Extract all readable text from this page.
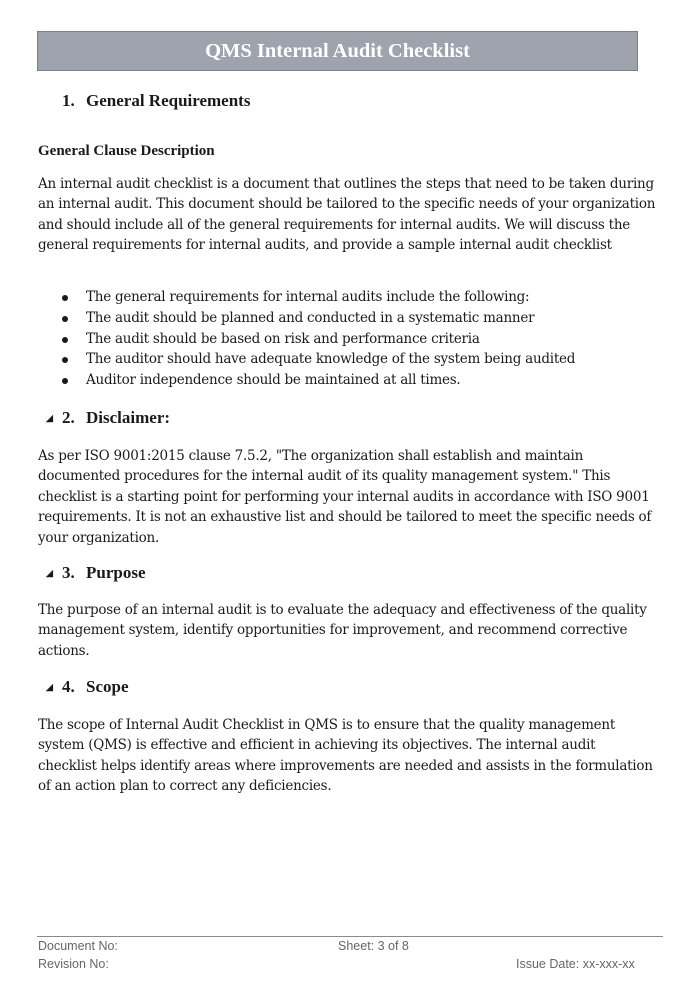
QMS Internal Audit Checklist
1. General Requirements
General Clause Description

An internal audit checklist is a document that outlines the steps that need to be taken during an internal audit. This document should be tailored to the specific needs of your organization and should include all of the general requirements for internal audits. We will discuss the general requirements for internal audits, and provide a sample internal audit checklist

The general requirements for internal audits include the following:
The audit should be planned and conducted in a systematic manner
The audit should be based on risk and performance criteria
The auditor should have adequate knowledge of the system being audited
Auditor independence should be maintained at all times.
◢ 2. Disclaimer:

As per ISO 9001:2015 clause 7.5.2, "The organization shall establish and maintain documented procedures for the internal audit of its quality management system." This checklist is a starting point for performing your internal audits in accordance with ISO 9001 requirements. It is not an exhaustive list and should be tailored to meet the specific needs of your organization.

◢ 3. Purpose

The purpose of an internal audit is to evaluate the adequacy and effectiveness of the quality management system, identify opportunities for improvement, and recommend corrective actions.

◢ 4. Scope

The scope of Internal Audit Checklist in QMS is to ensure that the quality management system (QMS) is effective and efficient in achieving its objectives. The internal audit checklist helps identify areas where improvements are needed and assists in the formulation of an action plan to correct any deficiencies.

Document No:	Sheet: 3 of 8
Revision No:	Issue Date: xx-xxx-xx
